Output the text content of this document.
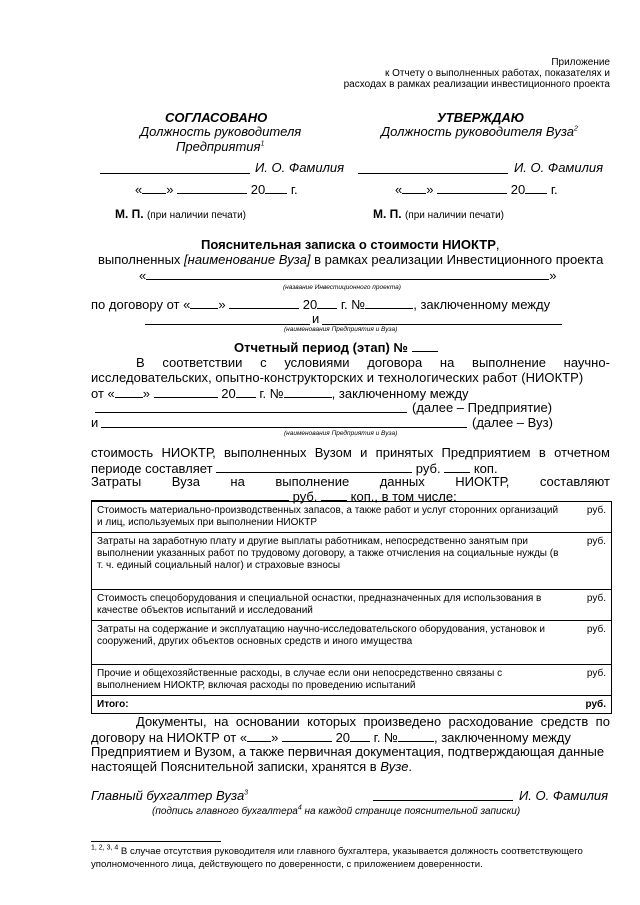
Приложение
к Отчету о выполненных работах, показателях и
расходах в рамках реализации инвестиционного проекта
СОГЛАСОВАНО
Должность руководителя
Предприятия$^1$
И. О. Фамилия
« »	20 г.
М. П. (при наличии печати)
УТВЕРЖДАЮ
Должность руководителя Вуза$^2$
И. О. Фамилия
« »	20 г.
М. П. (при наличии печати)
Пояснительная записка о стоимости НИОКТР,
выполненных [наименование Вуза] в рамках реализации Инвестиционного проекта
«	»
(название Инвестиционного проекта)
по договору от « »	20 г. №	, заключенному между
и
(наименования Предприятия и Вуза)
Отчетный период (этап) №
В соответствии с условиями договора на выполнение научно-
исследовательских, опытно-конструкторских и технологических работ (НИОКТР)
от « »	20 г. №	, заключенному между
(далее – Предприятие)
и	(далее – Вуз)
(наименования Предприятия и Вуза)
стоимость НИОКТР, выполненных Вузом и принятых Предприятием в отчетном
периоде составляет	руб.	коп.
Затраты Вуза на выполнение данных НИОКТР, составляют
руб.	коп., в том числе:
Стоимость материально-производственных запасов, а также работ и услуг сторонних организаций и лиц, используемых при выполнении НИОКТР	руб.
Затраты на заработную плату и другие выплаты работникам, непосредственно занятым при выполнении указанных работ по трудовому договору, а также отчисления на социальные нужды (в т. ч. единый социальный налог) и страховые взносы	руб.
Стоимость спецоборудования и специальной оснастки, предназначенных для использования в качестве объектов испытаний и исследований	руб.
Затраты на содержание и эксплуатацию научно-исследовательского оборудования, установок и сооружений, других объектов основных средств и иного имущества	руб.
Прочие и общехозяйственные расходы, в случае если они непосредственно связаны с выполнением НИОКТР, включая расходы по проведению испытаний	руб.
Итого:	руб.
Документы, на основании которых произведено расходование средств по
договору на НИОКТР от « »	20 г. №	, заключенному между
Предприятием и Вузом, а также первичная документация, подтверждающая данные
настоящей Пояснительной записки, хранятся в Вузе.
Главный бухгалтер Вуза$^3$	И. О. Фамилия
(подпись главного бухгалтера$^4$ на каждой странице пояснительной записки)
$^{1, 2, 3, 4}$ В случае отсутствия руководителя или главного бухгалтера, указывается должность соответствующего
уполномоченного лица, действующего по доверенности, с приложением доверенности.
